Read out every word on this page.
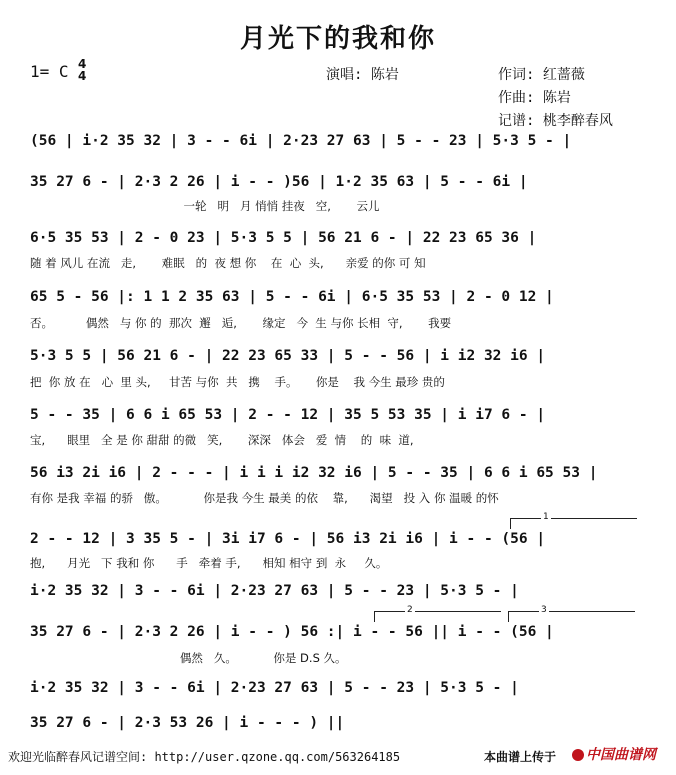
月光下的我和你
1= C 4
4	演唱: 陈岩	作词: 红蔷薇
作曲: 陈岩
记谱: 桃李醉春风
(56 | i·2 35 32 | 3 - - 6i | 2·23 27 63 | 5 - - 23 | 5·3 5 - |
35 27 6 - | 2·3 2 26 | i - - )56 | 1·2 35 63 | 5 - - 6i |
一轮   明   月 悄悄 挂夜   空,       云儿
6·5 35 53 | 2 - 0 23 | 5·3 5 5 | 56 21 6 - | 22 23 65 36 |
随 着 风儿 在流   走,       难眠   的  夜 想 你    在  心  头,      亲爱 的你 可 知
65 5 - 56 |: 1 1 2 35 63 | 5 - - 6i | 6·5 35 53 | 2 - 0 12 |
否。         偶然   与 你 的  那次  邂   逅,       缘定   今  生 与你 长相  守,       我要
5·3 5 5 | 56 21 6 - | 22 23 65 33 | 5 - - 56 | i i2 32 i6 |
把  你 放 在   心  里 头,     甘苦 与你  共   携    手。     你是    我 今生 最珍 贵的
5 - - 35 | 6 6 i 65 53 | 2 - - 12 | 35 5 53 35 | i i7 6 - |
宝,      眼里   全 是 你 甜甜 的微   笑,       深深   体会   爱  情    的  味  道,
56 i3 2i i6 | 2 - - - | i i i i2 32 i6 | 5 - - 35 | 6 6 i 65 53 |
有你 是我 幸福 的骄   傲。          你是我 今生 最美 的依    靠,      渴望   投 入 你 温暖 的怀
1
2 - - 12 | 3 35 5 - | 3i i7 6 - | 56 i3 2i i6 | i - - (56 |
抱,      月光   下 我和 你      手   牵着 手,      相知 相守 到  永     久。
i·2 35 32 | 3 - - 6i | 2·23 27 63 | 5 - - 23 | 5·3 5 - |
2	3
35 27 6 - | 2·3 2 26 | i - - ) 56 :| i - - 56 || i - - (56 |
偶然   久。          你是 D.S 久。
i·2 35 32 | 3 - - 6i | 2·23 27 63 | 5 - - 23 | 5·3 5 - |
35 27 6 - | 2·3 53 26 | i - - - ) ||
欢迎光临醉春风记谱空间: http://user.qzone.qq.com/563264185	本曲谱上传于	中国曲谱网
